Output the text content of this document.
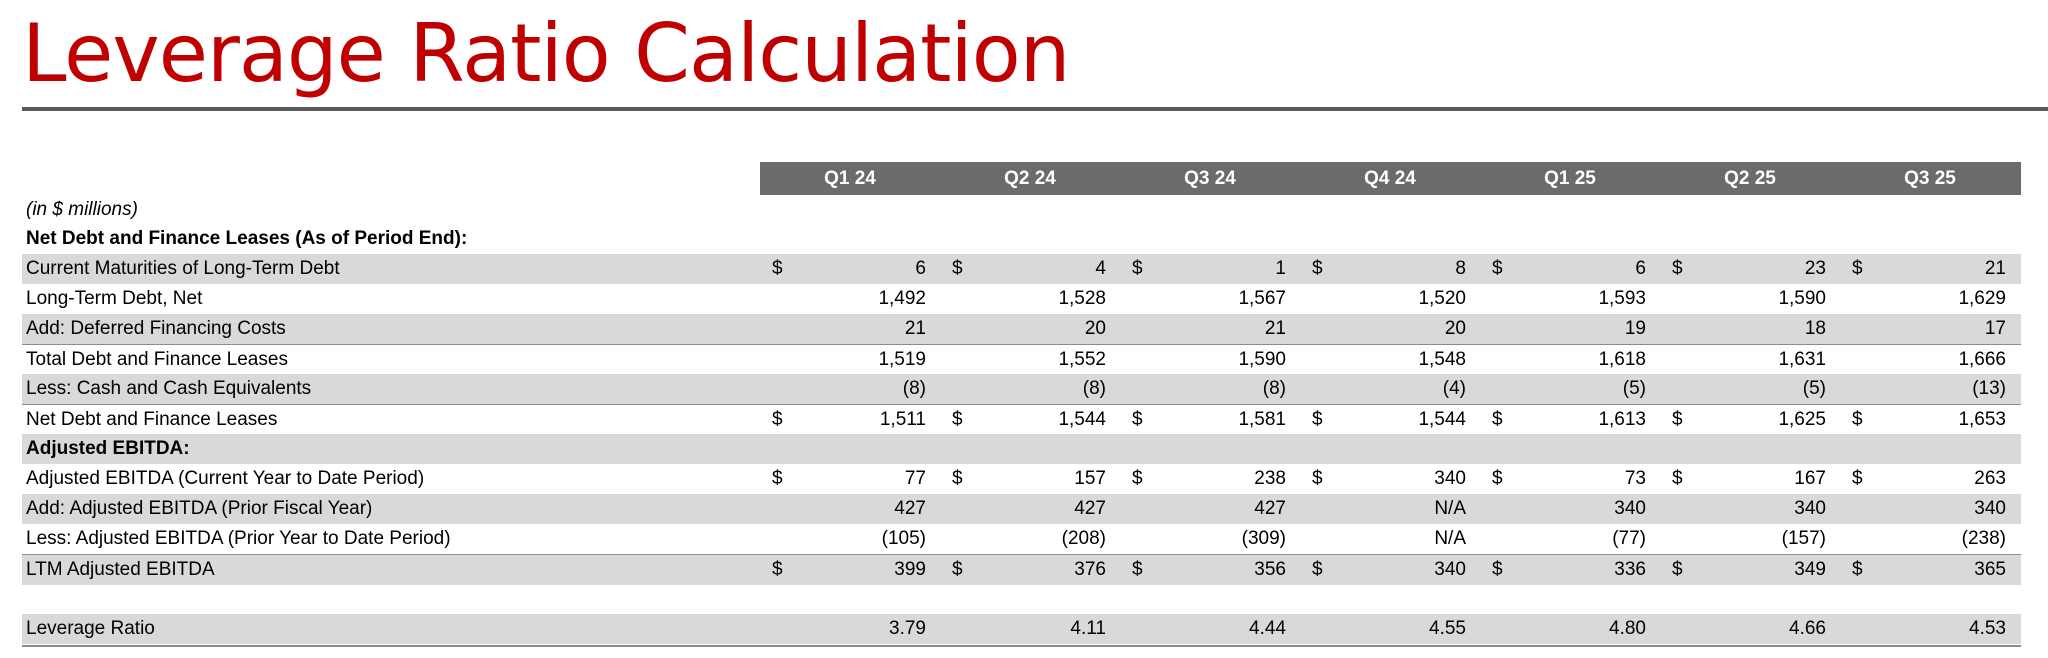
Leverage Ratio Calculation
Q1 24	Q2 24	Q3 24	Q4 24	Q1 25	Q2 25	Q3 25
(in $ millions)
Net Debt and Finance Leases (As of Period End):
Current Maturities of Long-Term Debt	$	6 $	4 $	1 $	8 $	6 $	23 $	21
Long-Term Debt, Net	1,492	1,528	1,567	1,520	1,593	1,590	1,629
Add: Deferred Financing Costs	21	20	21	20	19	18	17
Total Debt and Finance Leases	1,519	1,552	1,590	1,548	1,618	1,631	1,666
Less: Cash and Cash Equivalents	(8)	(8)	(8)	(4)	(5)	(5)	(13)
Net Debt and Finance Leases	$	1,511 $	1,544 $	1,581 $	1,544 $	1,613 $	1,625 $	1,653
Adjusted EBITDA:
Adjusted EBITDA (Current Year to Date Period)	$	77 $	157 $	238 $	340 $	73 $	167 $	263
Add: Adjusted EBITDA (Prior Fiscal Year)	427	427	427	N/A	340	340	340
Less: Adjusted EBITDA (Prior Year to Date Period)	(105)	(208)	(309)	N/A	(77)	(157)	(238)
LTM Adjusted EBITDA	$	399 $	376 $	356 $	340 $	336 $	349 $	365
Leverage Ratio	3.79	4.11	4.44	4.55	4.80	4.66	4.53
